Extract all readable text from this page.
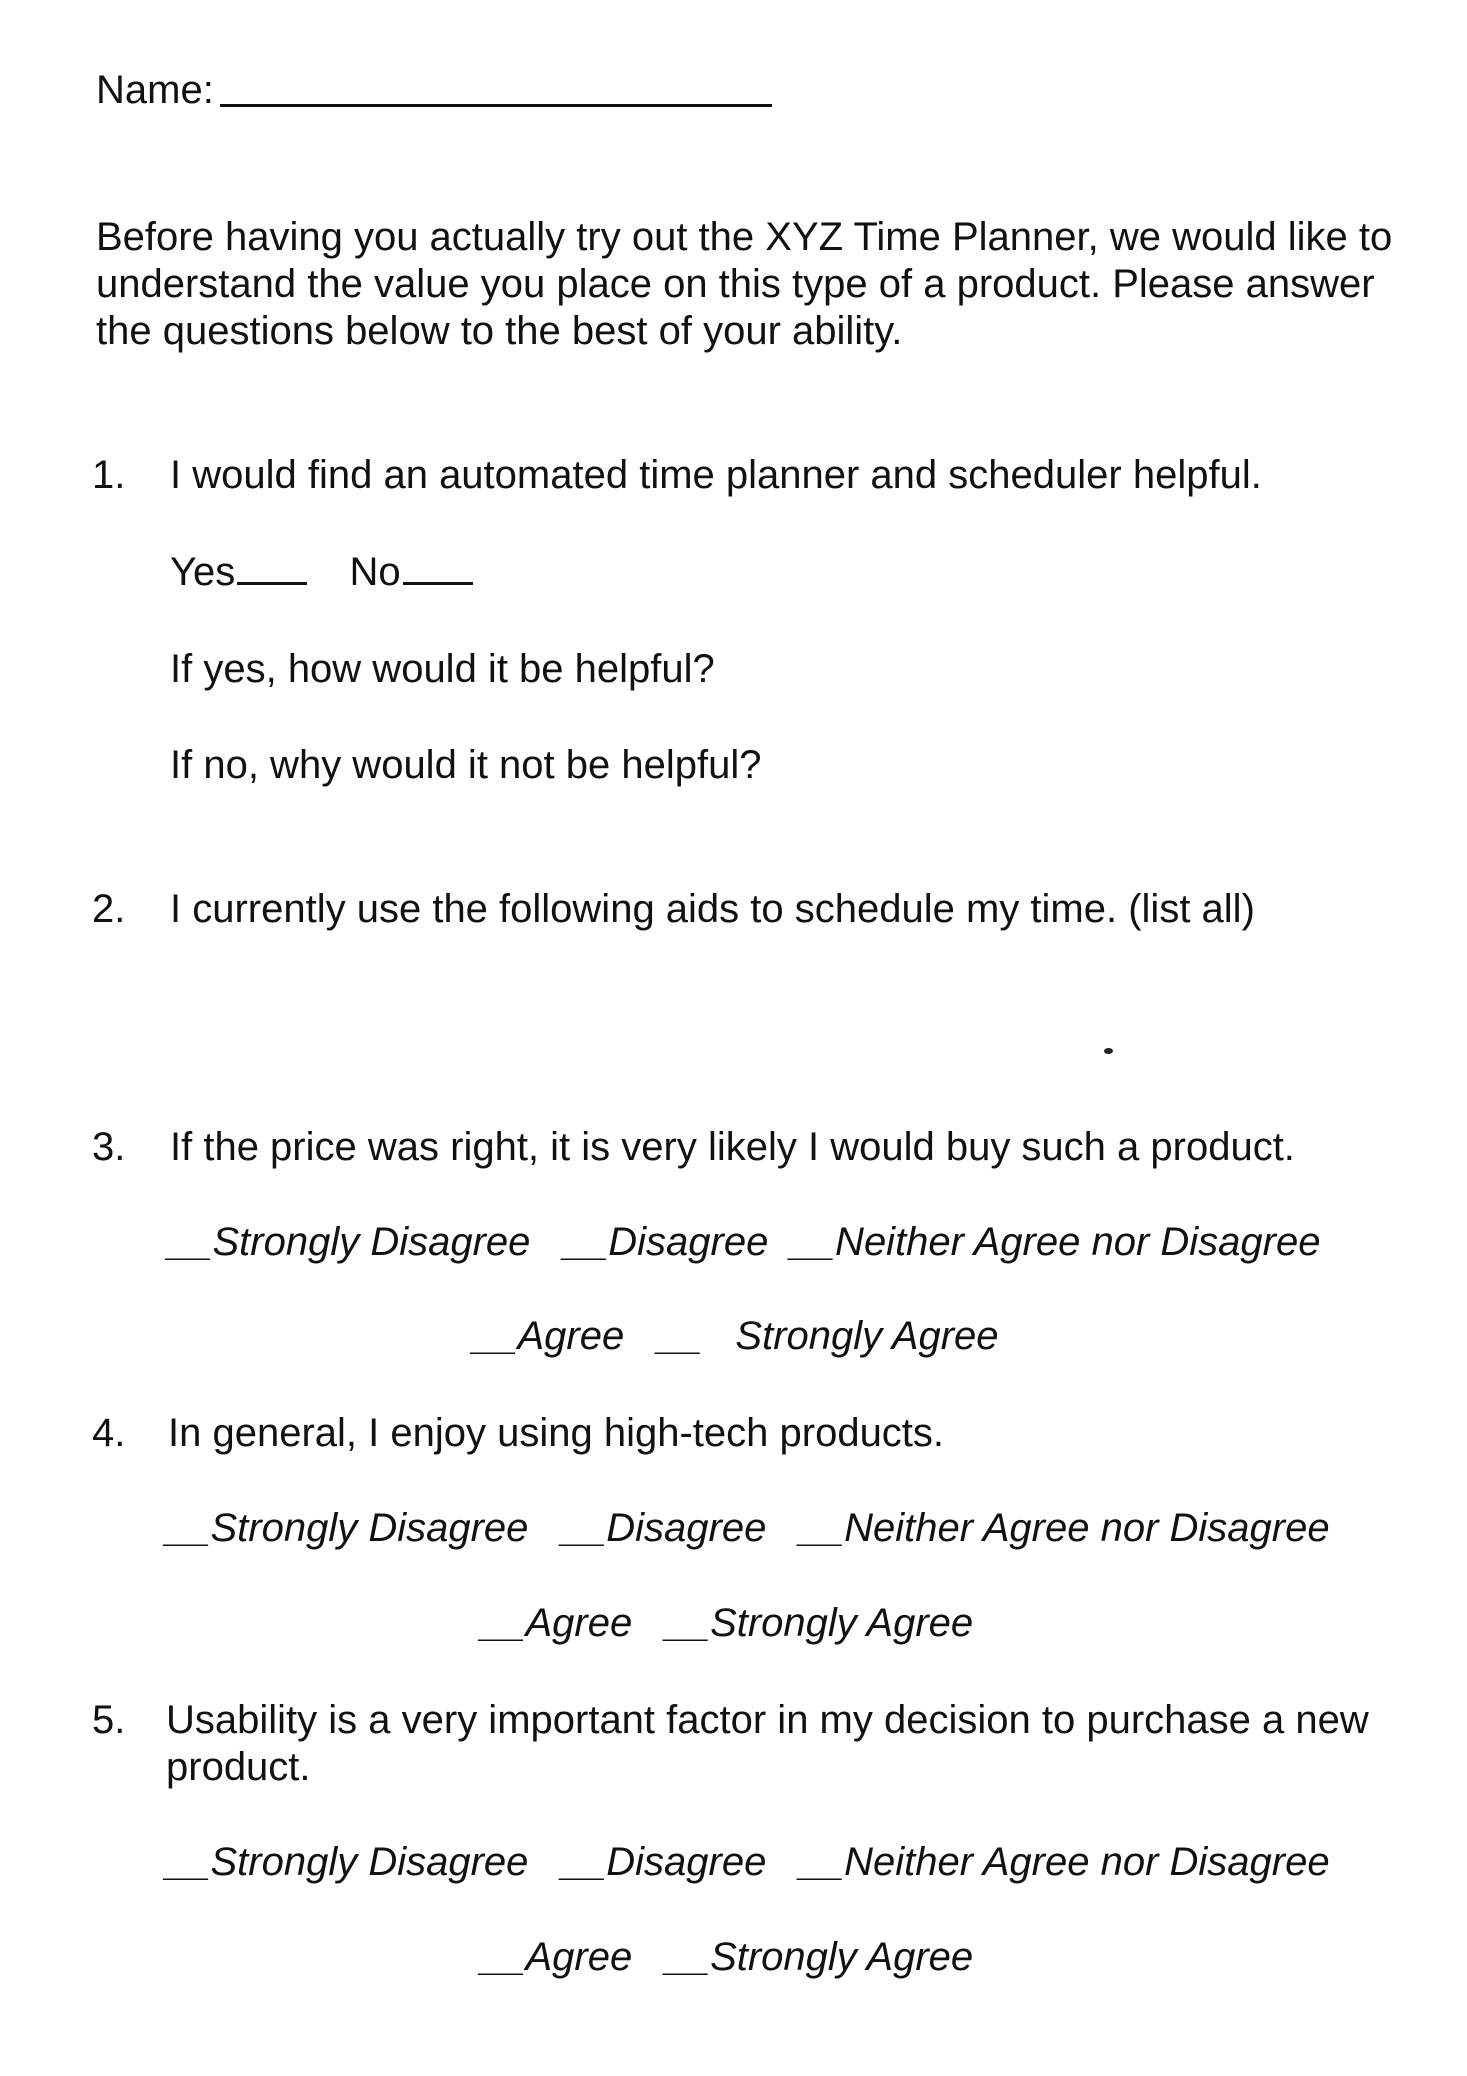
Name:
Before having you actually try out the XYZ Time Planner, we would like to
understand the value you place on this type of a product. Please answer
the questions below to the best of your ability.
1. I would find an automated time planner and scheduler helpful.
Yes	No
If yes, how would it be helpful?
If no, why would it not be helpful?
2. I currently use the following aids to schedule my time. (list all)
3. If the price was right, it is very likely I would buy such a product.
__Strongly Disagree   __Disagree  __Neither Agree nor Disagree
__Agree   __   Strongly Agree
4. In general, I enjoy using high-tech products.
__Strongly Disagree   __Disagree   __Neither Agree nor Disagree
__Agree   __Strongly Agree
5. Usability is a very important factor in my decision to purchase a new
product.
__Strongly Disagree   __Disagree   __Neither Agree nor Disagree
__Agree   __Strongly Agree
